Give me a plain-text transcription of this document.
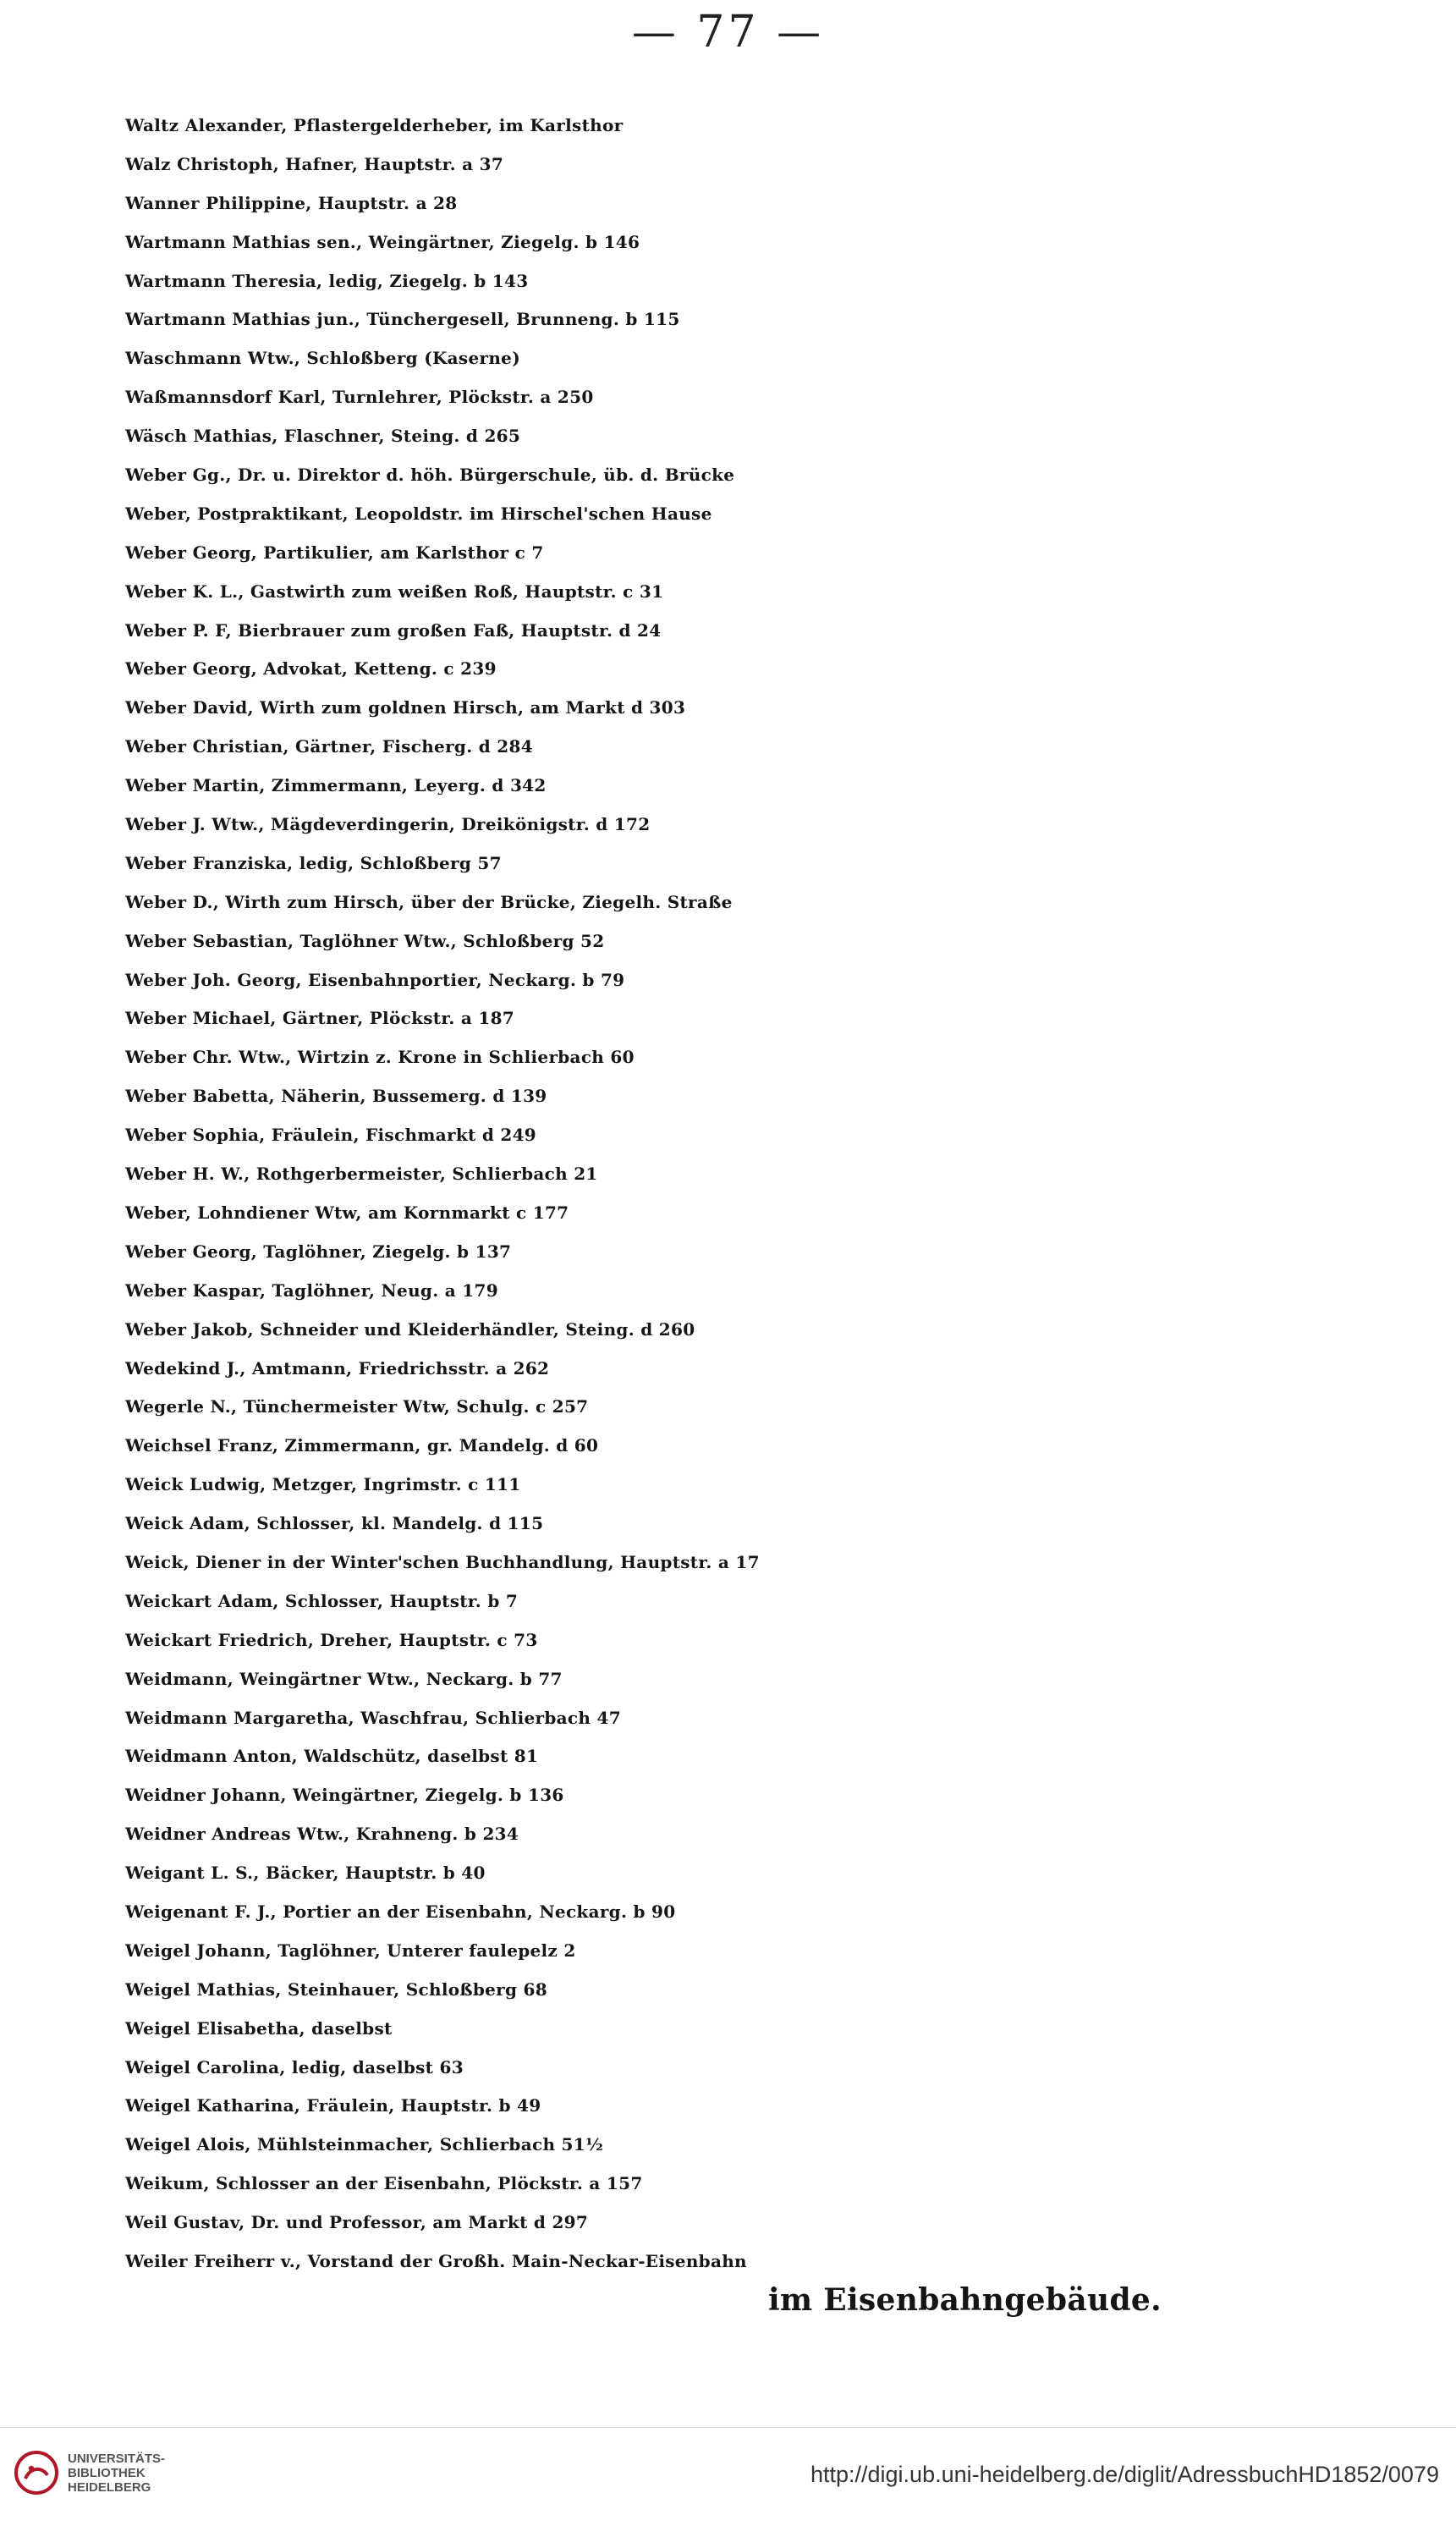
— 77 —
Waltz Alexander, Pflastergelderheber, im Karlsthor
Walz Christoph, Hafner, Hauptstr. a 37
Wanner Philippine, Hauptstr. a 28
Wartmann Mathias sen., Weingärtner, Ziegelg. b 146
Wartmann Theresia, ledig, Ziegelg. b 143
Wartmann Mathias jun., Tünchergesell, Brunneng. b 115
Waschmann Wtw., Schloßberg (Kaserne)
Waßmannsdorf Karl, Turnlehrer, Plöckstr. a 250
Wäsch Mathias, Flaschner, Steing. d 265
Weber Gg., Dr. u. Direktor d. höh. Bürgerschule, üb. d. Brücke
Weber, Postpraktikant, Leopoldstr. im Hirschel'schen Hause
Weber Georg, Partikulier, am Karlsthor c 7
Weber K. L., Gastwirth zum weißen Roß, Hauptstr. c 31
Weber P. F, Bierbrauer zum großen Faß, Hauptstr. d 24
Weber Georg, Advokat, Ketteng. c 239
Weber David, Wirth zum goldnen Hirsch, am Markt d 303
Weber Christian, Gärtner, Fischerg. d 284
Weber Martin, Zimmermann, Leyerg. d 342
Weber J. Wtw., Mägdeverdingerin, Dreikönigstr. d 172
Weber Franziska, ledig, Schloßberg 57
Weber D., Wirth zum Hirsch, über der Brücke, Ziegelh. Straße
Weber Sebastian, Taglöhner Wtw., Schloßberg 52
Weber Joh. Georg, Eisenbahnportier, Neckarg. b 79
Weber Michael, Gärtner, Plöckstr. a 187
Weber Chr. Wtw., Wirtzin z. Krone in Schlierbach 60
Weber Babetta, Näherin, Bussemerg. d 139
Weber Sophia, Fräulein, Fischmarkt d 249
Weber H. W., Rothgerbermeister, Schlierbach 21
Weber, Lohndiener Wtw, am Kornmarkt c 177
Weber Georg, Taglöhner, Ziegelg. b 137
Weber Kaspar, Taglöhner, Neug. a 179
Weber Jakob, Schneider und Kleiderhändler, Steing. d 260
Wedekind J., Amtmann, Friedrichsstr. a 262
Wegerle N., Tünchermeister Wtw, Schulg. c 257
Weichsel Franz, Zimmermann, gr. Mandelg. d 60
Weick Ludwig, Metzger, Ingrimstr. c 111
Weick Adam, Schlosser, kl. Mandelg. d 115
Weick, Diener in der Winter'schen Buchhandlung, Hauptstr. a 17
Weickart Adam, Schlosser, Hauptstr. b 7
Weickart Friedrich, Dreher, Hauptstr. c 73
Weidmann, Weingärtner Wtw., Neckarg. b 77
Weidmann Margaretha, Waschfrau, Schlierbach 47
Weidmann Anton, Waldschütz, daselbst 81
Weidner Johann, Weingärtner, Ziegelg. b 136
Weidner Andreas Wtw., Krahneng. b 234
Weigant L. S., Bäcker, Hauptstr. b 40
Weigenant F. J., Portier an der Eisenbahn, Neckarg. b 90
Weigel Johann, Taglöhner, Unterer faulepelz 2
Weigel Mathias, Steinhauer, Schloßberg 68
Weigel Elisabetha, daselbst
Weigel Carolina, ledig, daselbst 63
Weigel Katharina, Fräulein, Hauptstr. b 49
Weigel Alois, Mühlsteinmacher, Schlierbach 51½
Weikum, Schlosser an der Eisenbahn, Plöckstr. a 157
Weil Gustav, Dr. und Professor, am Markt d 297
Weiler Freiherr v., Vorstand der Großh. Main-Neckar-Eisenbahn
im Eisenbahngebäude.
UNIVERSITÄTS-
BIBLIOTHEK
HEIDELBERG	http://digi.ub.uni-heidelberg.de/diglit/AdressbuchHD1852/0079
